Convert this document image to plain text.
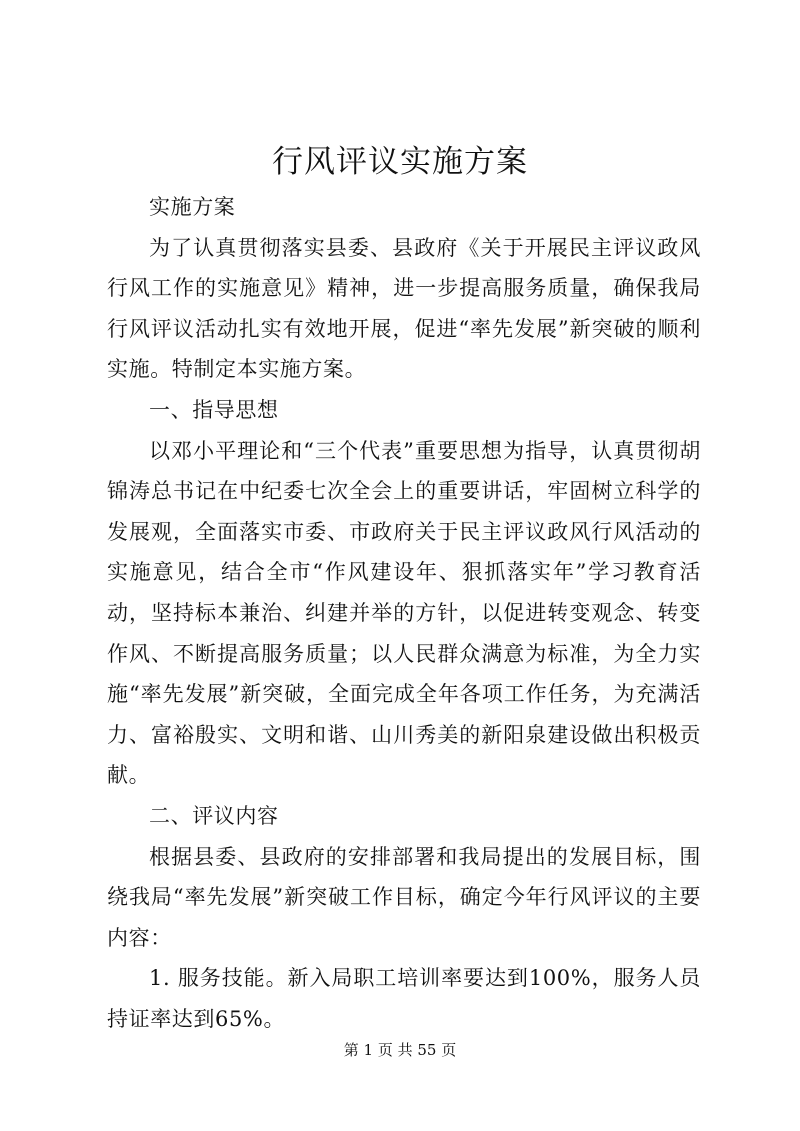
行风评议实施方案

实施方案

为了认真贯彻落实县委、县政府《关于开展民主评议政风行风工作的实施意见》精神，进一步提高服务质量，确保我局行风评议活动扎实有效地开展，促进“率先发展”新突破的顺利实施。特制定本实施方案。

一、指导思想

以邓小平理论和“三个代表”重要思想为指导，认真贯彻胡锦涛总书记在中纪委七次全会上的重要讲话，牢固树立科学的发展观，全面落实市委、市政府关于民主评议政风行风活动的实施意见，结合全市“作风建设年、狠抓落实年”学习教育活动，坚持标本兼治、纠建并举的方针，以促进转变观念、转变作风、不断提高服务质量；以人民群众满意为标准，为全力实施“率先发展”新突破，全面完成全年各项工作任务，为充满活力、富裕殷实、文明和谐、山川秀美的新阳泉建设做出积极贡献。

二、评议内容

根据县委、县政府的安排部署和我局提出的发展目标，围绕我局“率先发展”新突破工作目标，确定今年行风评议的主要内容：

1. 服务技能。新入局职工培训率要达到100%，服务人员持证率达到65%。

第 1 页 共 55 页
